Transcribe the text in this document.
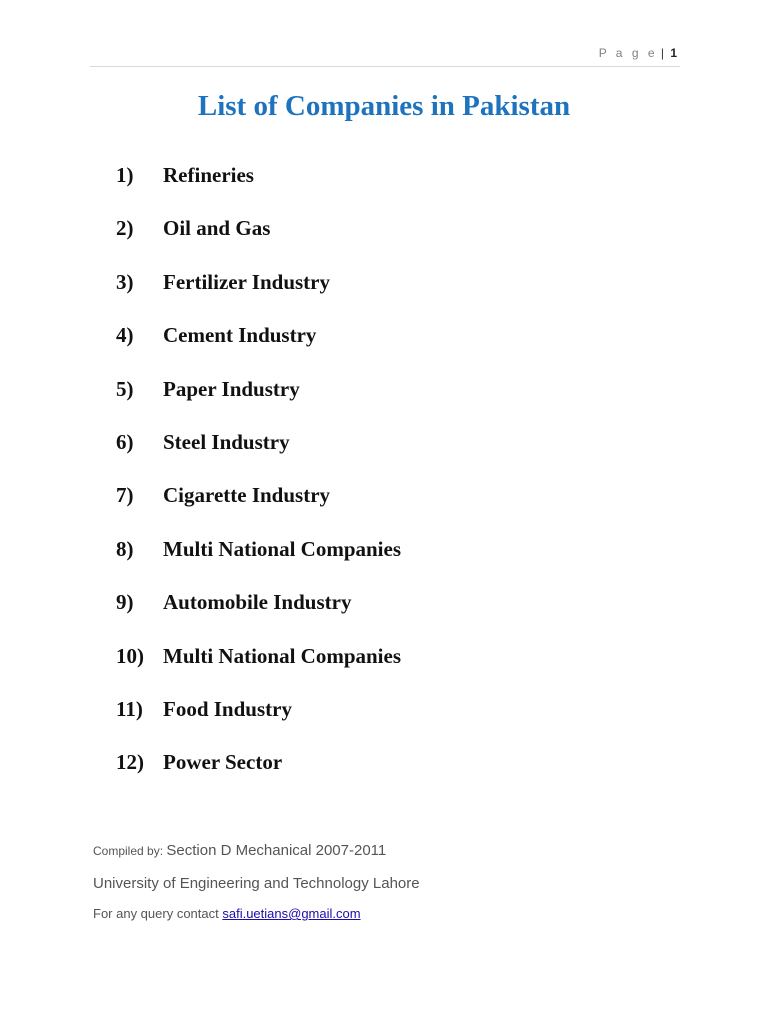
P a g e | 1
List of Companies in Pakistan
1)	Refineries
2)	Oil and Gas
3)	Fertilizer Industry
4)	Cement Industry
5)	Paper Industry
6)	Steel Industry
7)	Cigarette Industry
8)	Multi National Companies
9)	Automobile Industry
10) Multi National Companies
11) Food Industry
12) Power Sector

Compiled by: Section D Mechanical 2007-2011

University of Engineering and Technology Lahore

For any query contact safi.uetians@gmail.com
